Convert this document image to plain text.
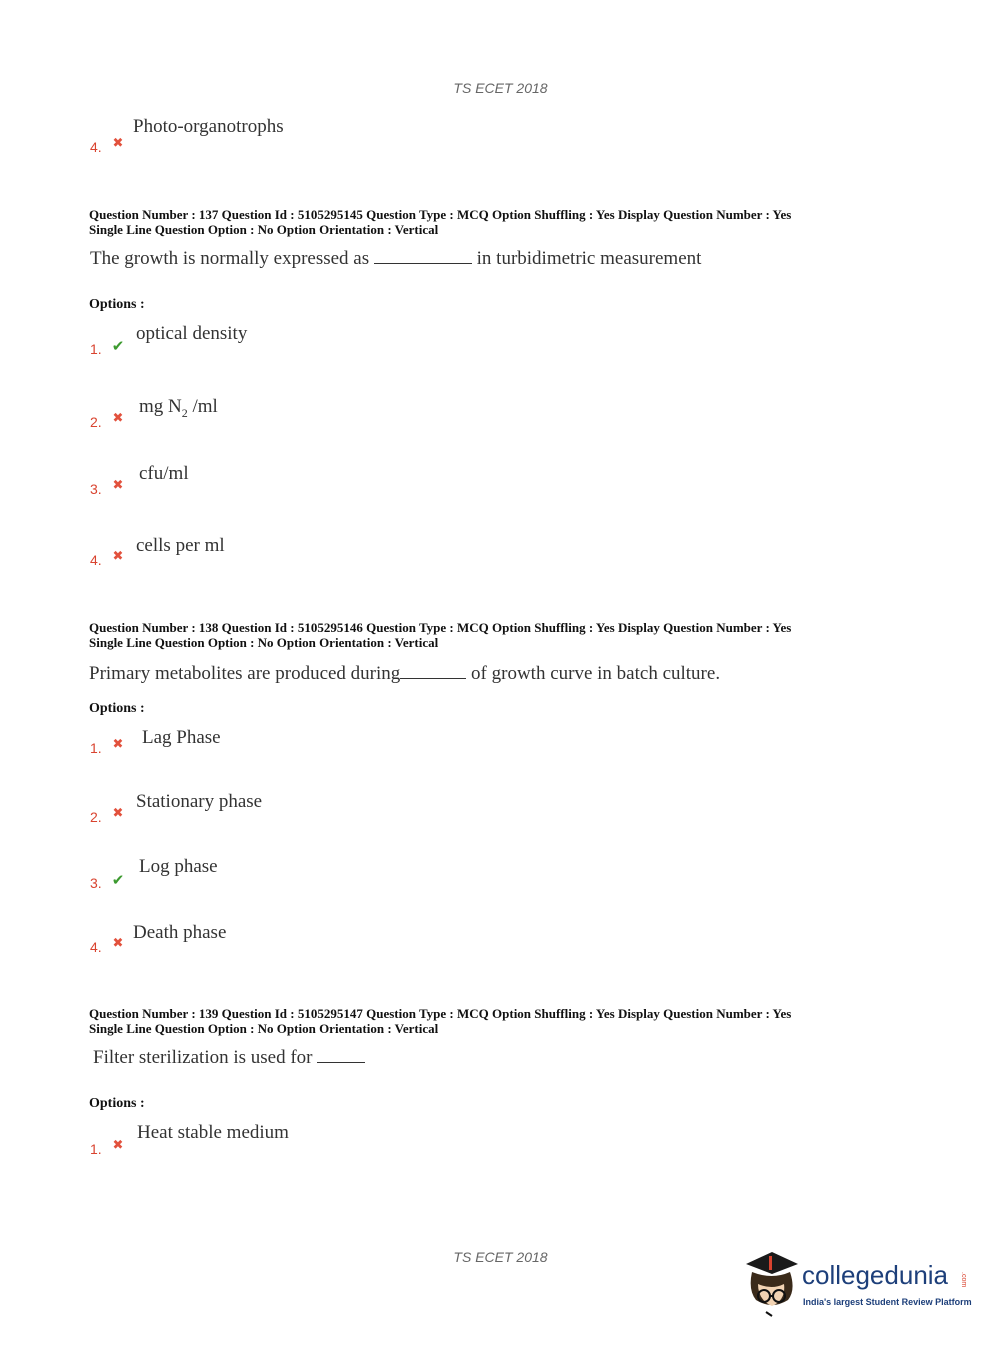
TS ECET 2018
4. ✖
Photo-organotrophs
Question Number : 137 Question Id : 5105295145 Question Type : MCQ Option Shuffling : Yes Display Question Number : Yes
Single Line Question Option : No Option Orientation : Vertical
The growth is normally expressed as	in turbidimetric measurement
Options :
1. ✔
optical density
2. ✖
mg $N_2$ /ml
3. ✖
cfu/ml
4. ✖
cells per ml
Question Number : 138 Question Id : 5105295146 Question Type : MCQ Option Shuffling : Yes Display Question Number : Yes
Single Line Question Option : No Option Orientation : Vertical
Primary metabolites are produced during	of growth curve in batch culture.
Options :
1. ✖ Lag Phase
2. ✖
Stationary phase
3. ✔
Log phase
4. ✖
Death phase
Question Number : 139 Question Id : 5105295147 Question Type : MCQ Option Shuffling : Yes Display Question Number : Yes
Single Line Question Option : No Option Orientation : Vertical
Filter sterilization is used for
Options :
1. ✖
Heat stable medium
TS ECET 2018
collegedunia .com
India's largest Student Review Platform
